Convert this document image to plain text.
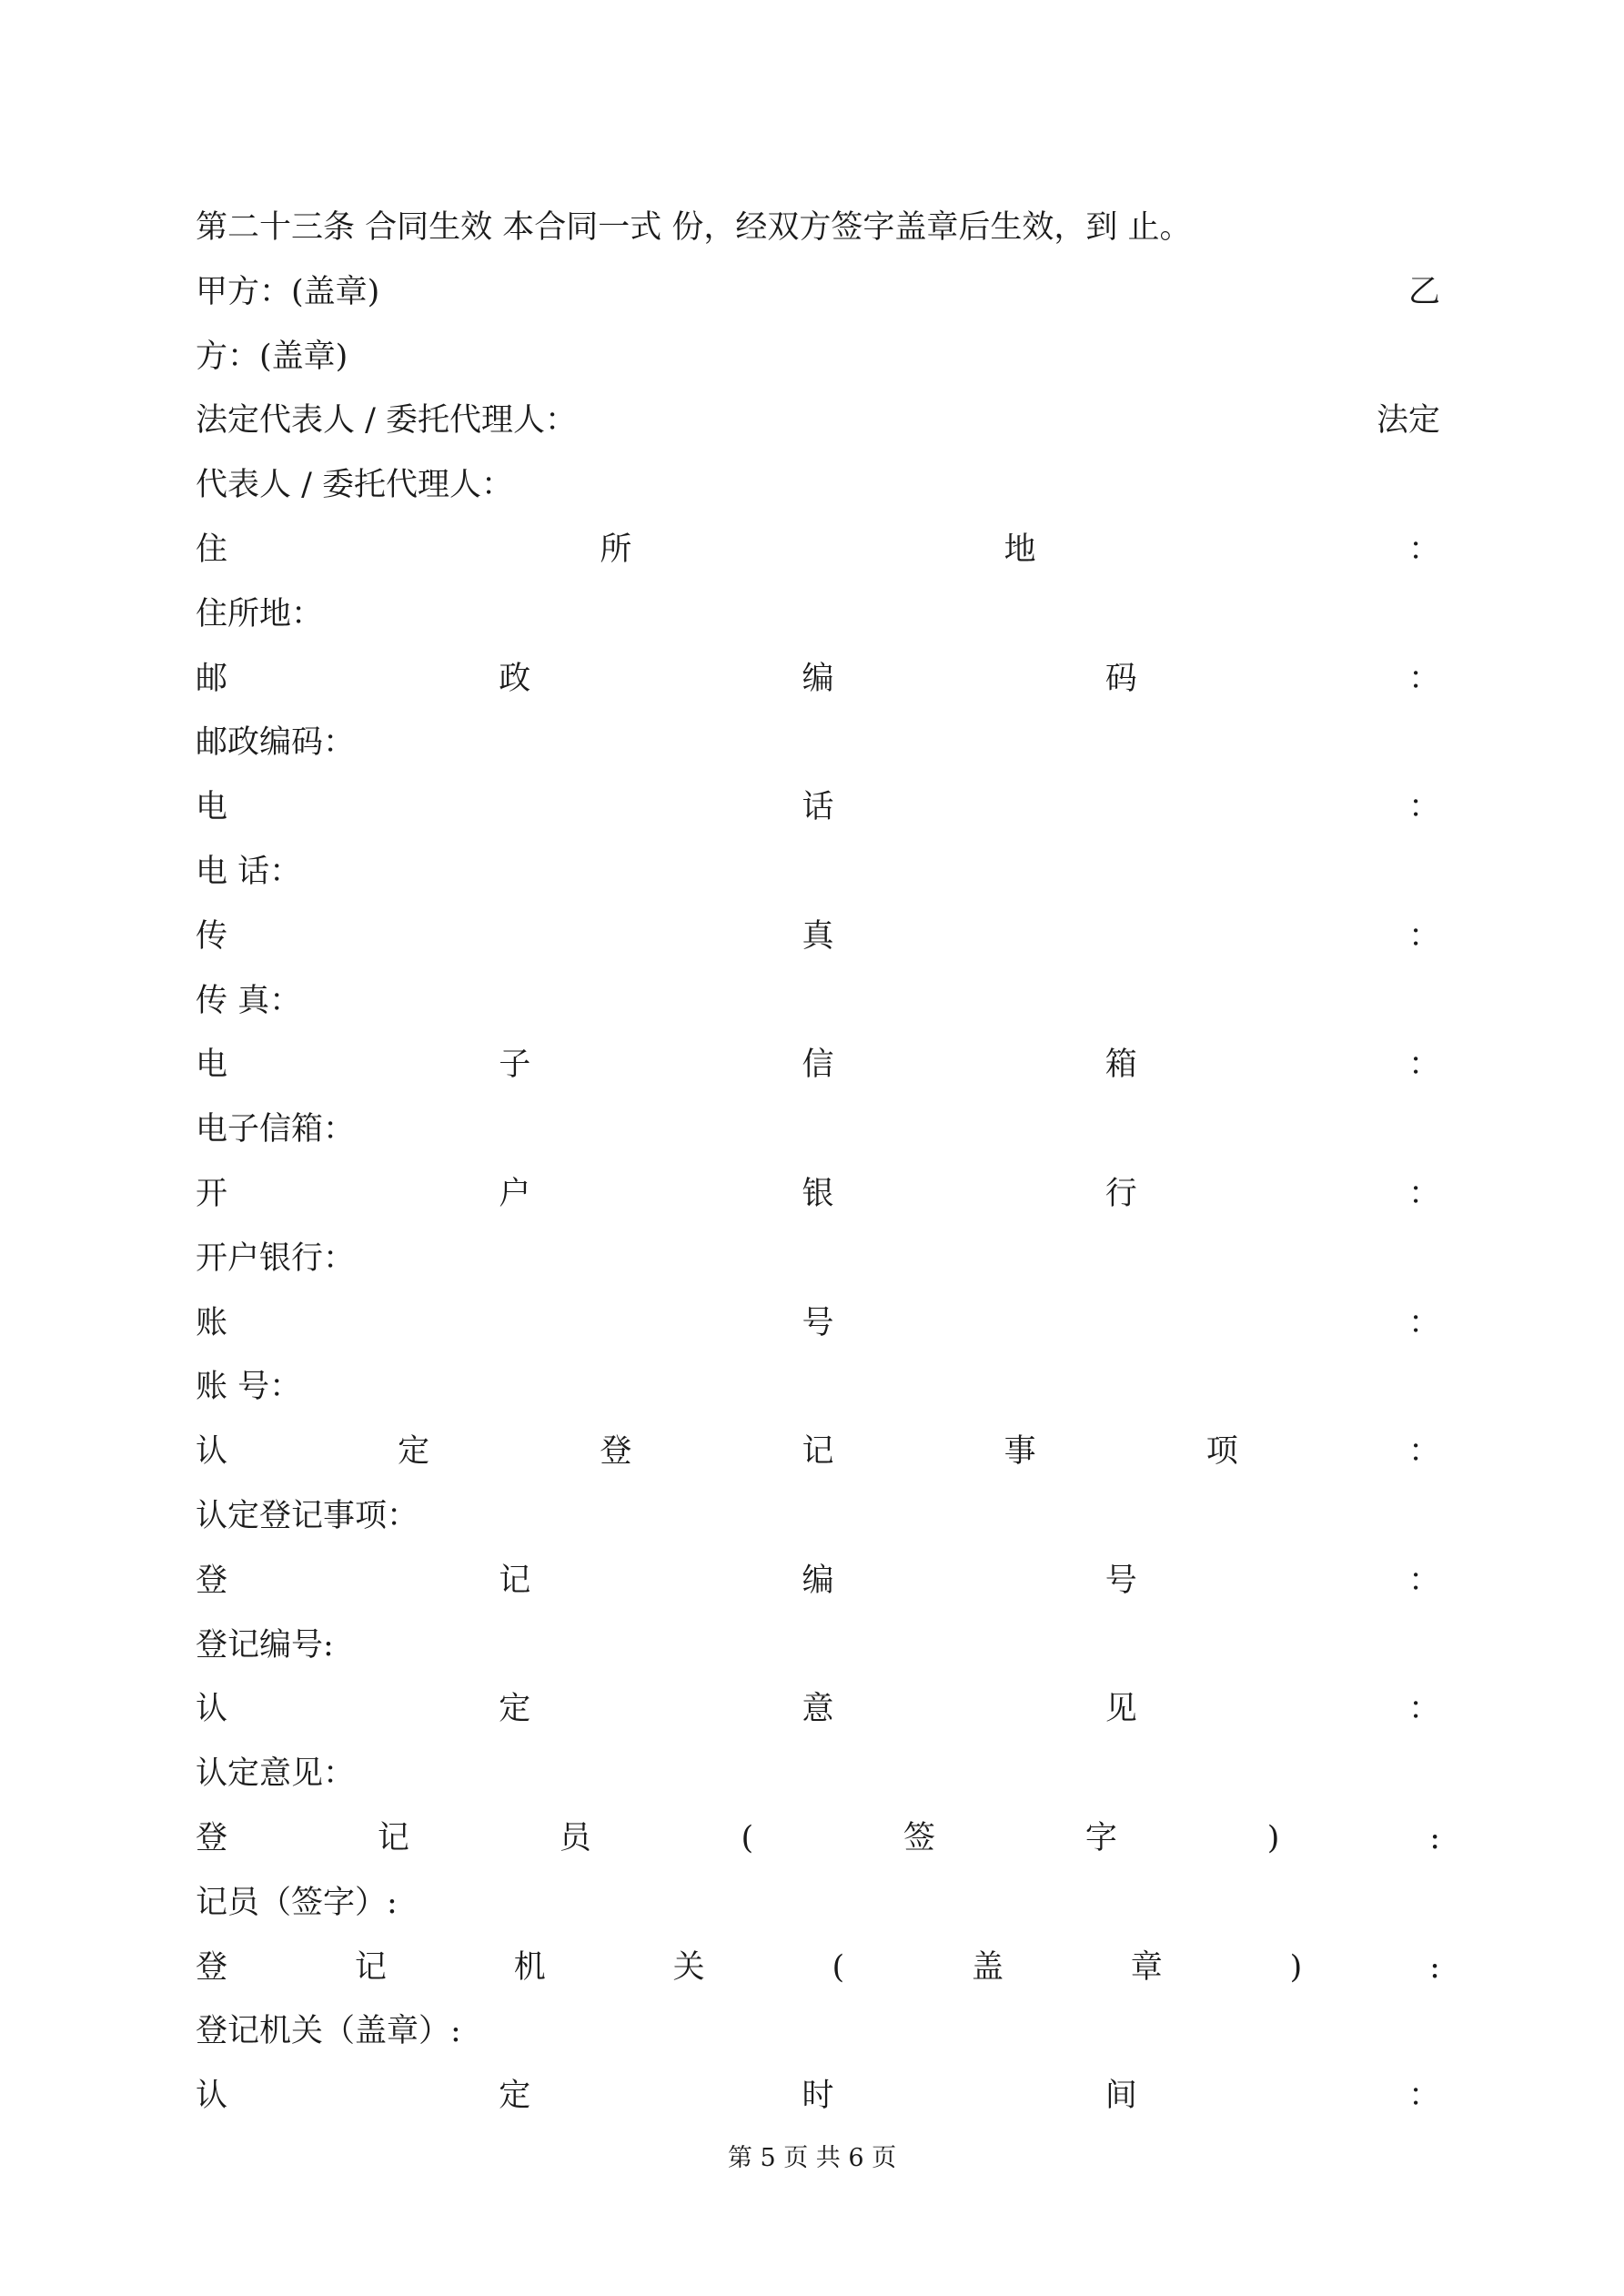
第二十三条 合同生效 本合同一式 份，经双方签字盖章后生效，到 止。
甲方：(盖章)	乙
方：(盖章)
法定代表人 / 委托代理人：	法定
代表人 / 委托代理人：
住	所	地	：
住所地：
邮	政	编	码	：
邮政编码：
电	话	：
电 话：
传	真	：
传 真：
电	子	信	箱	：
电子信箱：
开	户	银	行	：
开户银行：
账	号	：
账 号：
认	定	登	记	事	项	：
认定登记事项：
登	记	编	号	：
登记编号:
认	定	意	见	：
认定意见：
登	记	员	(	签	字	)	:
记员（签字）:
登	记	机	关	(	盖	章	)	:
登记机关（盖章）:
认	定	时	间	：
第 5 页 共 6 页
